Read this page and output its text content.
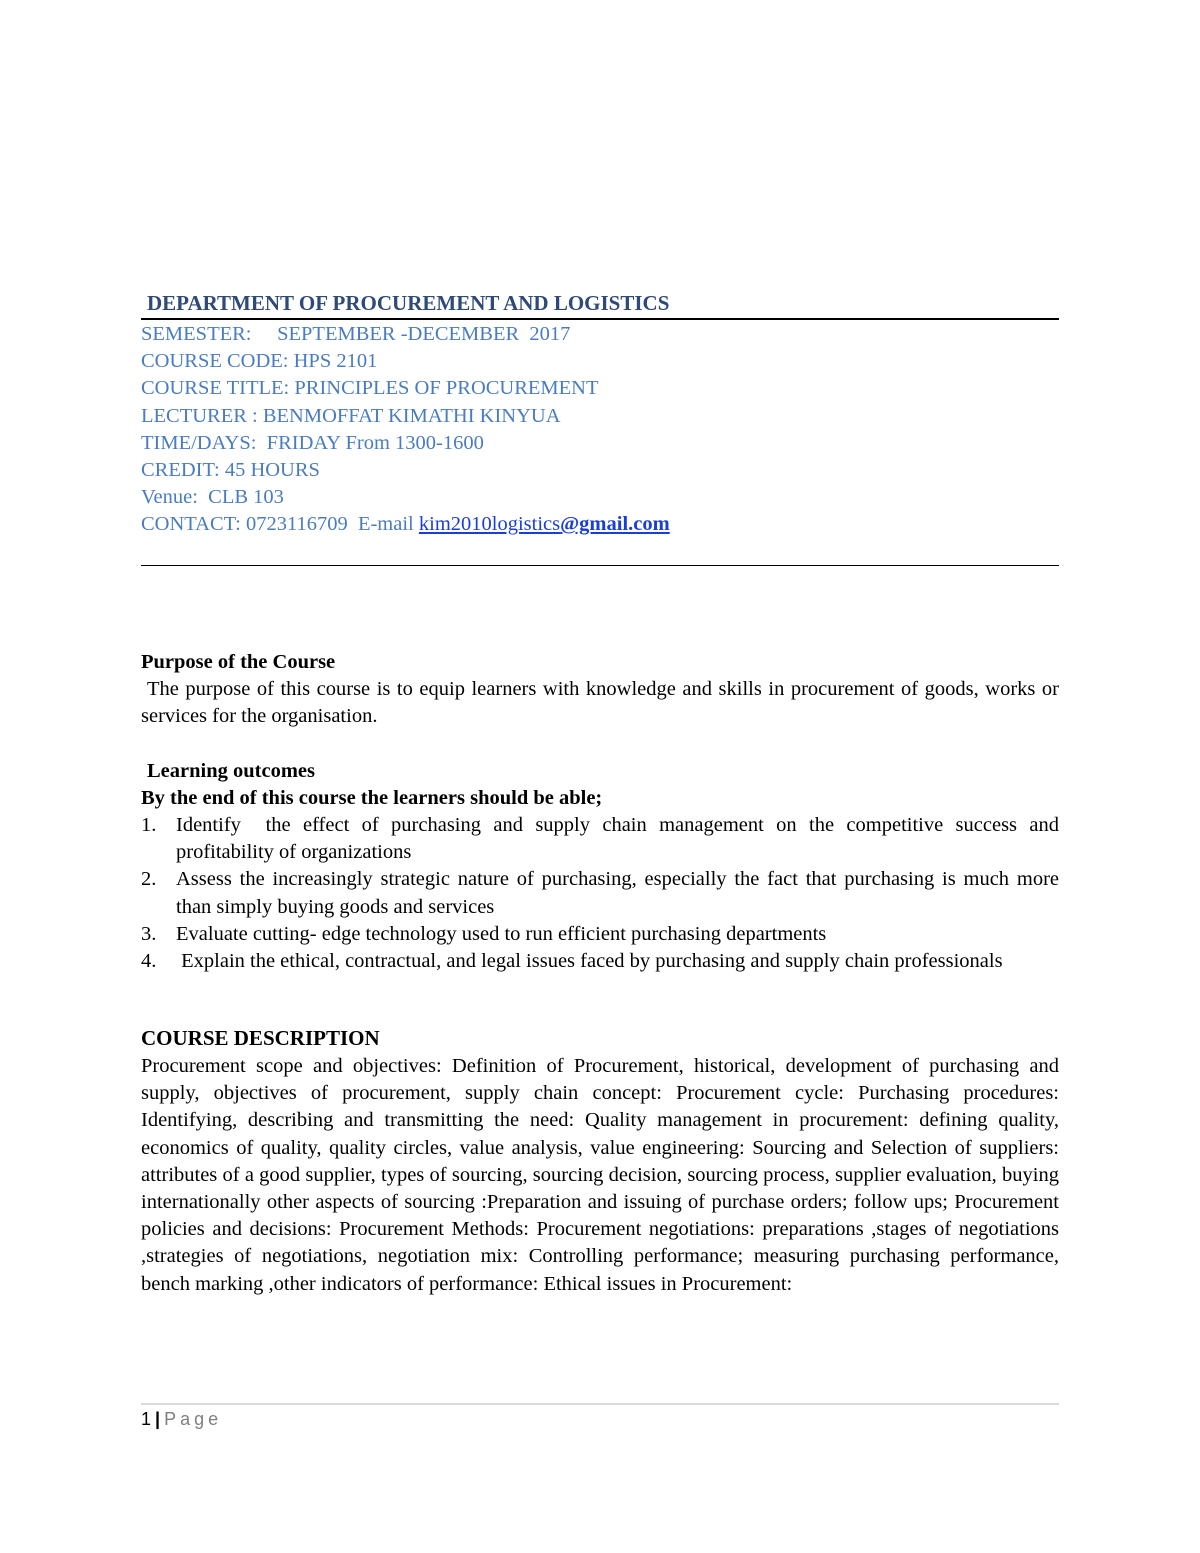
DEPARTMENT OF PROCUREMENT AND LOGISTICS
SEMESTER:     SEPTEMBER -DECEMBER  2017
COURSE CODE: HPS 2101
COURSE TITLE: PRINCIPLES OF PROCUREMENT
LECTURER : BENMOFFAT KIMATHI KINYUA
TIME/DAYS:  FRIDAY From 1300-1600
CREDIT: 45 HOURS
Venue:  CLB 103
CONTACT: 0723116709  E-mail kim2010logistics@gmail.com
Purpose of the Course
The purpose of this course is to equip learners with knowledge and skills in procurement of goods, works or services for the organisation.
Learning outcomes
By the end of this course the learners should be able;
1. Identify  the effect of purchasing and supply chain management on the competitive success and profitability of organizations
2. Assess the increasingly strategic nature of purchasing, especially the fact that purchasing is much more than simply buying goods and services
3. Evaluate cutting- edge technology used to run efficient purchasing departments
4. Explain the ethical, contractual, and legal issues faced by purchasing and supply chain professionals
COURSE DESCRIPTION
Procurement scope and objectives: Definition of Procurement, historical, development of purchasing and supply, objectives of procurement, supply chain concept: Procurement cycle: Purchasing procedures: Identifying, describing and transmitting the need: Quality management in procurement: defining quality, economics of quality, quality circles, value analysis, value engineering: Sourcing and Selection of suppliers: attributes of a good supplier, types of sourcing, sourcing decision, sourcing process, supplier evaluation, buying internationally other aspects of sourcing :Preparation and issuing of purchase orders; follow ups; Procurement policies and decisions: Procurement Methods: Procurement negotiations: preparations ,stages of negotiations ,strategies of negotiations, negotiation mix: Controlling performance; measuring purchasing performance, bench marking ,other indicators of performance: Ethical issues in Procurement:
1 | Page
